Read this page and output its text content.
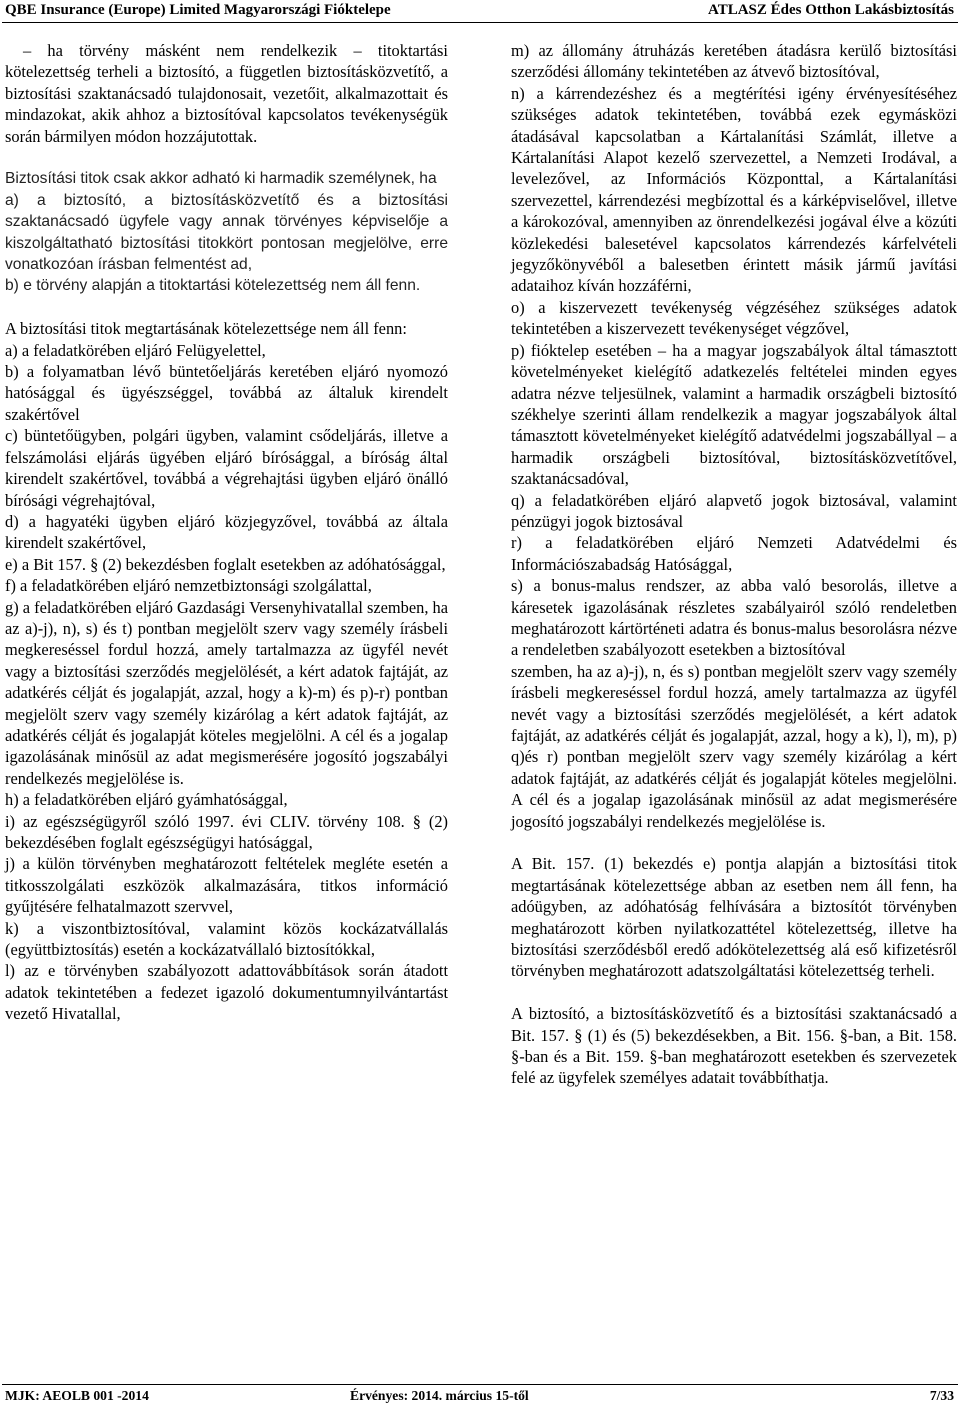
QBE Insurance (Europe) Limited Magyarországi Fióktelepe	ATLASZ Édes Otthon Lakásbiztosítás

– ha törvény másként nem rendelkezik – titoktartási kötelezettség terheli a biztosító, a független biztosításközvetítő, a biztosítási szaktanácsadó tulajdonosait, vezetőit, alkalmazottait és mindazokat, akik ahhoz a biztosítóval kapcsolatos tevékenységük során bármilyen módon hozzájutottak.

Biztosítási titok csak akkor adható ki harmadik személynek, ha

a) a biztosító, a biztosításközvetítő és a biztosítási szaktanácsadó ügyfele vagy annak törvényes képviselője a kiszolgáltatható biztosítási titokkört pontosan megjelölve, erre vonatkozóan írásban felmentést ad,

b) e törvény alapján a titoktartási kötelezettség nem áll fenn.

A biztosítási titok megtartásának kötelezettsége nem áll fenn:

a) a feladatkörében eljáró Felügyelettel,

b) a folyamatban lévő büntetőeljárás keretében eljáró nyomozó hatósággal és ügyészséggel, továbbá az általuk kirendelt szakértővel

c) büntetőügyben, polgári ügyben, valamint csődeljárás, illetve a felszámolási eljárás ügyében eljáró bírósággal, a bíróság által kirendelt szakértővel, továbbá a végrehajtási ügyben eljáró önálló bírósági végrehajtóval,

d) a hagyatéki ügyben eljáró közjegyzővel, továbbá az általa kirendelt szakértővel,

e) a Bit 157. § (2) bekezdésben foglalt esetekben az adóhatósággal,

f) a feladatkörében eljáró nemzetbiztonsági szolgálattal,

g) a feladatkörében eljáró Gazdasági Versenyhivatallal szemben, ha az a)-j), n), s) és t) pontban megjelölt szerv vagy személy írásbeli megkereséssel fordul hozzá, amely tartalmazza az ügyfél nevét vagy a biztosítási szerződés megjelölését, a kért adatok fajtáját, az adatkérés célját és jogalapját, azzal, hogy a k)-m) és p)-r) pontban megjelölt szerv vagy személy kizárólag a kért adatok fajtáját, az adatkérés célját és jogalapját köteles megjelölni. A cél és a jogalap igazolásának minősül az adat megismerésére jogosító jogszabályi rendelkezés megjelölése is.

h) a feladatkörében eljáró gyámhatósággal,

i) az egészségügyről szóló 1997. évi CLIV. törvény 108. § (2) bekezdésében foglalt egészségügyi hatósággal,

j) a külön törvényben meghatározott feltételek megléte esetén a titkosszolgálati eszközök alkalmazására, titkos információ gyűjtésére felhatalmazott szervvel,

k) a viszontbiztosítóval, valamint közös kockázatvállalás (együttbiztosítás) esetén a kockázatvállaló biztosítókkal,

l) az e törvényben szabályozott adattovábbítások során átadott adatok tekintetében a fedezet igazoló dokumentumnyilvántartást vezető Hivatallal,

m) az állomány átruházás keretében átadásra kerülő biztosítási szerződési állomány tekintetében az átvevő biztosítóval,

n) a kárrendezéshez és a megtérítési igény érvényesítéséhez szükséges adatok tekintetében, továbbá ezek egymásközi átadásával kapcsolatban a Kártalanítási Számlát, illetve a Kártalanítási Alapot kezelő szervezettel, a Nemzeti Irodával, a levelezővel, az Információs Központtal, a Kártalanítási szervezettel, kárrendezési megbízottal és a kárképviselővel, illetve a károkozóval, amennyiben az önrendelkezési jogával élve a közúti közlekedési balesetével kapcsolatos kárrendezés kárfelvételi jegyzőkönyvéből a balesetben érintett másik jármű javítási adataihoz kíván hozzáférni,

o) a kiszervezett tevékenység végzéséhez szükséges adatok tekintetében a kiszervezett tevékenységet végzővel,

p) fióktelep esetében – ha a magyar jogszabályok által támasztott követelményeket kielégítő adatkezelés feltételei minden egyes adatra nézve teljesülnek, valamint a harmadik országbeli biztosító székhelye szerinti állam rendelkezik a magyar jogszabályok által támasztott követelményeket kielégítő adatvédelmi jogszabállyal – a harmadik országbeli biztosítóval, biztosításközvetítővel, szaktanácsadóval,

q) a feladatkörében eljáró alapvető jogok biztosával, valamint pénzügyi jogok biztosával

r) a feladatkörében eljáró Nemzeti Adatvédelmi és Információszabadság Hatósággal,

s) a bonus-malus rendszer, az abba való besorolás, illetve a káresetek igazolásának részletes szabályairól szóló rendeletben meghatározott kártörténeti adatra és bonus-malus besorolásra nézve a rendeletben szabályozott esetekben a biztosítóval

szemben, ha az a)-j), n, és s) pontban megjelölt szerv vagy személy írásbeli megkereséssel fordul hozzá, amely tartalmazza az ügyfél nevét vagy a biztosítási szerződés megjelölését, a kért adatok fajtáját, az adatkérés célját és jogalapját, azzal, hogy a k), l), m), p) q)és r) pontban megjelölt szerv vagy személy kizárólag a kért adatok fajtáját, az adatkérés célját és jogalapját köteles megjelölni. A cél és a jogalap igazolásának minősül az adat megismerésére jogosító jogszabályi rendelkezés megjelölése is.

A Bit. 157. (1) bekezdés e) pontja alapján a biztosítási titok megtartásának kötelezettsége abban az esetben nem áll fenn, ha adóügyben, az adóhatóság felhívására a biztosítót törvényben meghatározott körben nyilatkozattétel kötelezettség, illetve ha biztosítási szerződésből eredő adókötelezettség alá eső kifizetésről törvényben meghatározott adatszolgáltatási kötelezettség terheli.

A biztosító, a biztosításközvetítő és a biztosítási szaktanácsadó a Bit. 157. § (1) és (5) bekezdésekben, a Bit. 156. §-ban, a Bit. 158. §-ban és a Bit. 159. §-ban meghatározott esetekben és szervezetek felé az ügyfelek személyes adatait továbbíthatja.

MJK: AEOLB 001 -2014	Érvényes: 2014. március 15-től	7/33
